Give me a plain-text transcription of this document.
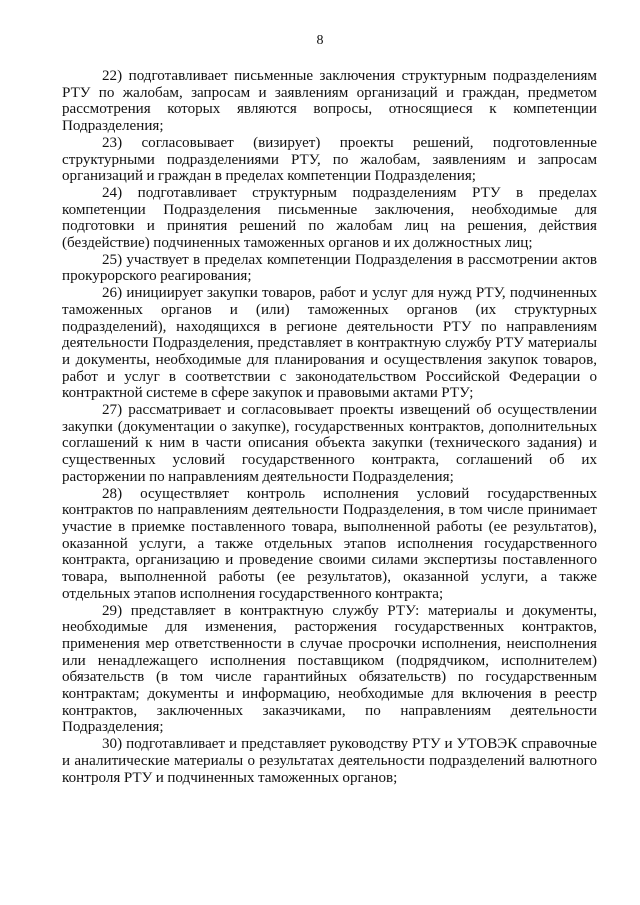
8

22) подготавливает письменные заключения структурным подразделениям РТУ по жалобам, запросам и заявлениям организаций и граждан, предметом рассмотрения которых являются вопросы, относящиеся к компетенции Подразделения;

23) согласовывает (визирует) проекты решений, подготовленные структурными подразделениями РТУ, по жалобам, заявлениям и запросам организаций и граждан в пределах компетенции Подразделения;

24) подготавливает структурным подразделениям РТУ в пределах компетенции Подразделения письменные заключения, необходимые для подготовки и принятия решений по жалобам лиц на решения, действия (бездействие) подчиненных таможенных органов и их должностных лиц;

25) участвует в пределах компетенции Подразделения в рассмотрении актов прокурорского реагирования;

26) инициирует закупки товаров, работ и услуг для нужд РТУ, подчиненных таможенных органов и (или) таможенных органов (их структурных подразделений), находящихся в регионе деятельности РТУ по направлениям деятельности Подразделения, представляет в контрактную службу РТУ материалы и документы, необходимые для планирования и осуществления закупок товаров, работ и услуг в соответствии с законодательством Российской Федерации о контрактной системе в сфере закупок и правовыми актами РТУ;

27) рассматривает и согласовывает проекты извещений об осуществлении закупки (документации о закупке), государственных контрактов, дополнительных соглашений к ним в части описания объекта закупки (технического задания) и существенных условий государственного контракта, соглашений об их расторжении по направлениям деятельности Подразделения;

28) осуществляет контроль исполнения условий государственных контрактов по направлениям деятельности Подразделения, в том числе принимает участие в приемке поставленного товара, выполненной работы (ее результатов), оказанной услуги, а также отдельных этапов исполнения государственного контракта, организацию и проведение своими силами экспертизы поставленного товара, выполненной работы (ее результатов), оказанной услуги, а также отдельных этапов исполнения государственного контракта;

29) представляет в контрактную службу РТУ: материалы и документы, необходимые для изменения, расторжения государственных контрактов, применения мер ответственности в случае просрочки исполнения, неисполнения или ненадлежащего исполнения поставщиком (подрядчиком, исполнителем) обязательств (в том числе гарантийных обязательств) по государственным контрактам; документы и информацию, необходимые для включения в реестр контрактов, заключенных заказчиками, по направлениям деятельности Подразделения;

30) подготавливает и представляет руководству РТУ и УТОВЭК справочные и аналитические материалы о результатах деятельности подразделений валютного контроля РТУ и подчиненных таможенных органов;
